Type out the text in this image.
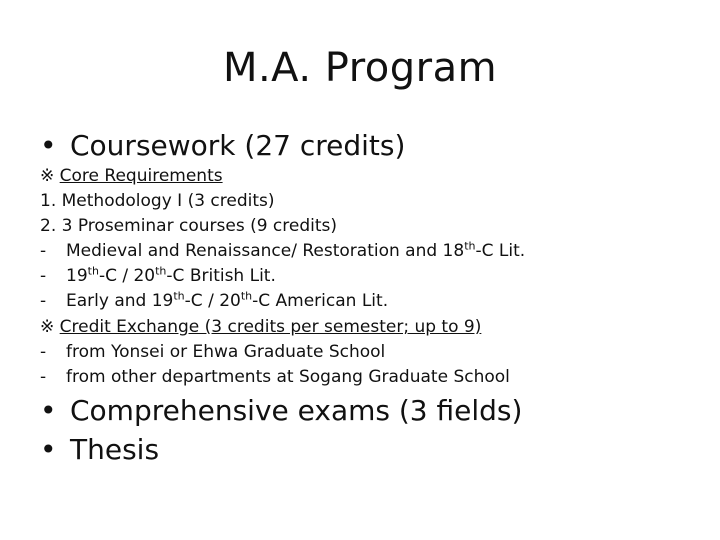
M.A. Program
• Coursework (27 credits)
※ Core Requirements
1. Methodology I (3 credits)
2. 3 Proseminar courses (9 credits)
- Medieval and Renaissance/ Restoration and 18th-C Lit.
- 19th-C / 20th-C British Lit.
- Early and 19th-C / 20th-C American Lit.
※ Credit Exchange (3 credits per semester; up to 9)
- from Yonsei or Ehwa Graduate School
- from other departments at Sogang Graduate School
• Comprehensive exams (3 fields)
• Thesis
